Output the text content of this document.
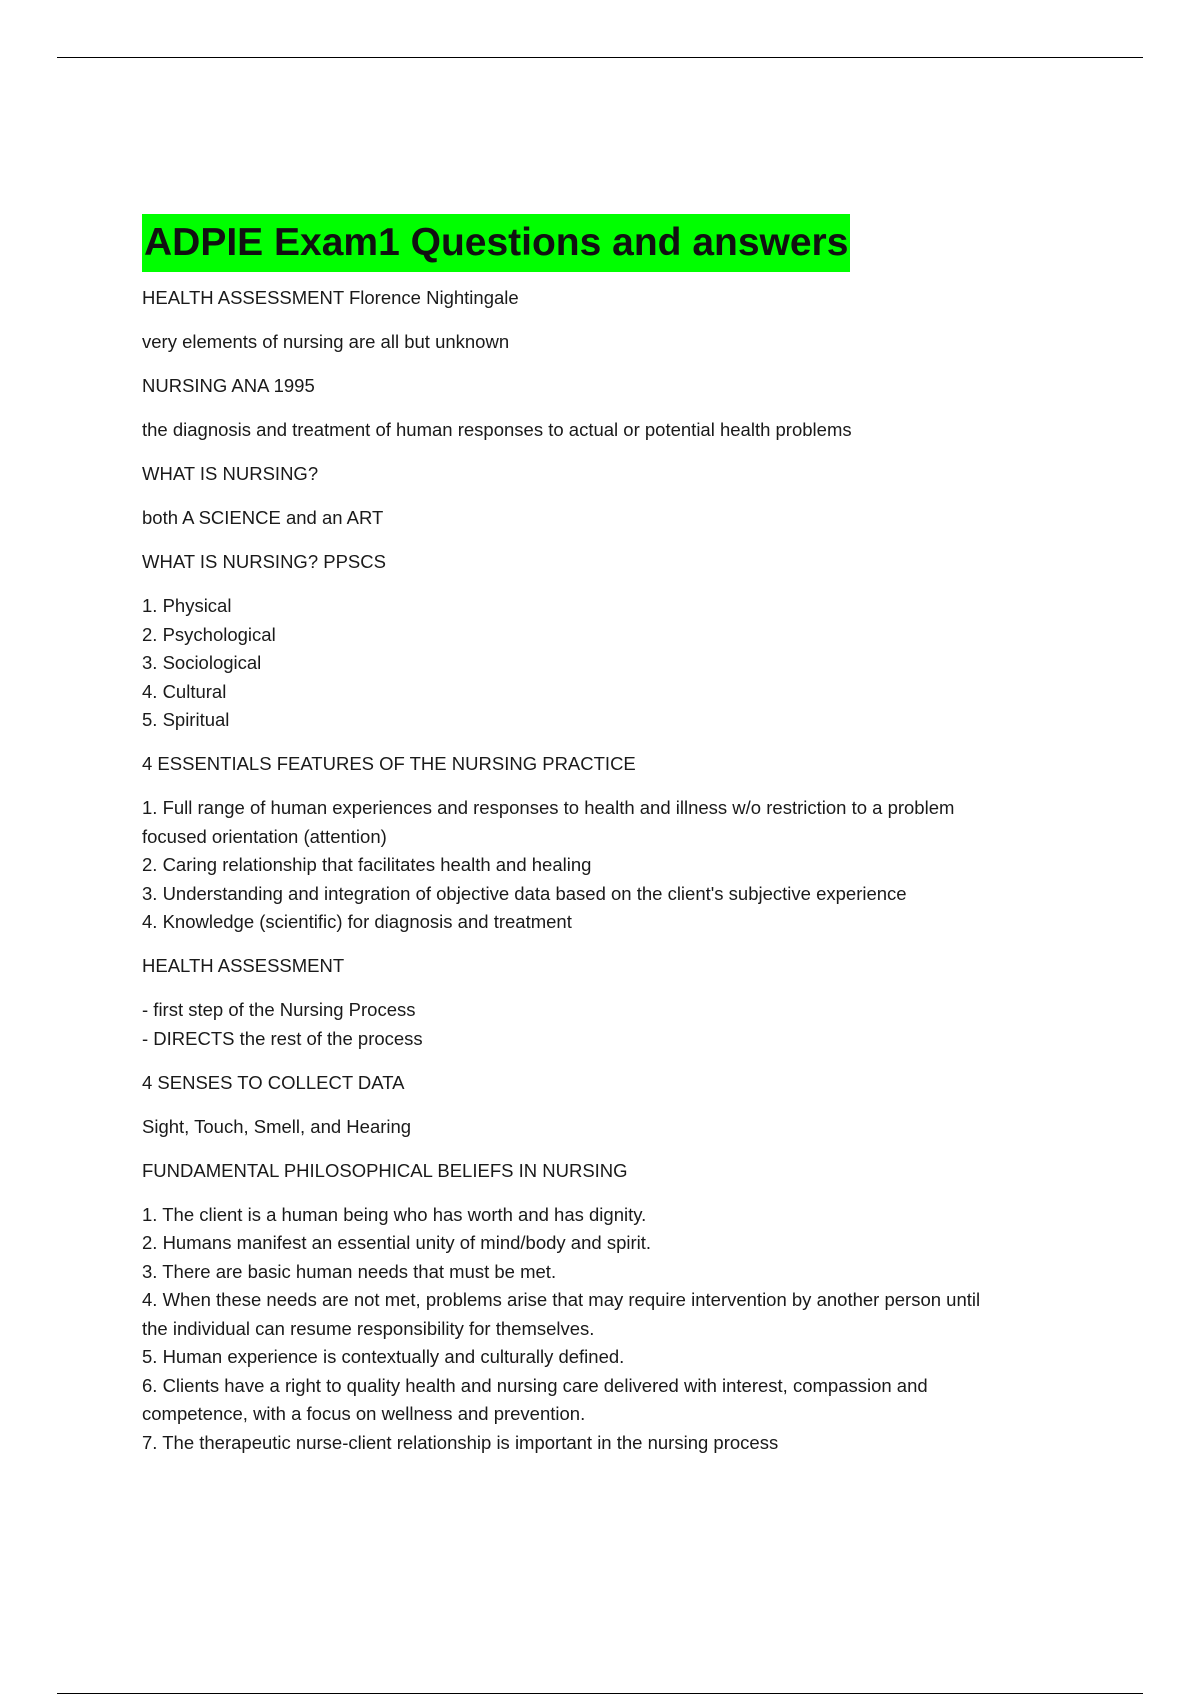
ADPIE Exam1 Questions and answers

HEALTH ASSESSMENT Florence Nightingale

very elements of nursing are all but unknown

NURSING ANA 1995

the diagnosis and treatment of human responses to actual or potential health problems

WHAT IS NURSING?

both A SCIENCE and an ART

WHAT IS NURSING? PPSCS

1. Physical

2. Psychological

3. Sociological

4. Cultural

5. Spiritual

4 ESSENTIALS FEATURES OF THE NURSING PRACTICE

1. Full range of human experiences and responses to health and illness w/o restriction to a problem

focused orientation (attention)

2. Caring relationship that facilitates health and healing

3. Understanding and integration of objective data based on the client's subjective experience

4. Knowledge (scientific) for diagnosis and treatment

HEALTH ASSESSMENT

- first step of the Nursing Process

- DIRECTS the rest of the process

4 SENSES TO COLLECT DATA

Sight, Touch, Smell, and Hearing

FUNDAMENTAL PHILOSOPHICAL BELIEFS IN NURSING

1. The client is a human being who has worth and has dignity.

2. Humans manifest an essential unity of mind/body and spirit.

3. There are basic human needs that must be met.

4. When these needs are not met, problems arise that may require intervention by another person until

the individual can resume responsibility for themselves.

5. Human experience is contextually and culturally defined.

6. Clients have a right to quality health and nursing care delivered with interest, compassion and

competence, with a focus on wellness and prevention.

7. The therapeutic nurse-client relationship is important in the nursing process
